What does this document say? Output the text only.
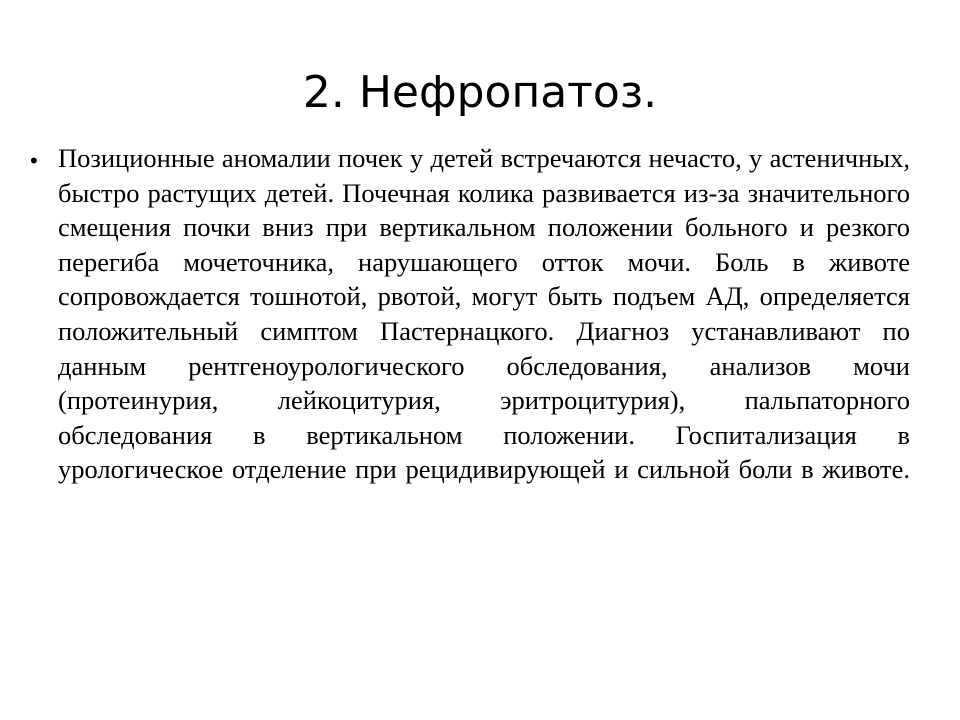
2. Нефропатоз.
• Позиционные аномалии почек у детей встречаются нечасто, у астеничных, быстро растущих детей. Почечная колика развивается из-за значительного смещения почки вниз при вертикальном положении больного и резкого перегиба мочеточника, нарушающего отток мочи. Боль в животе сопровождается тошнотой, рвотой, могут быть подъем АД, определяется положительный симптом Пастернацкого. Диагноз устанавливают по данным рентгеноурологического обследования, анализов мочи (протеинурия, лейкоцитурия, эритроцитурия), пальпаторного обследования в вертикальном положении. Госпитализация в урологическое отделение при рецидивирующей и сильной боли в животе.
